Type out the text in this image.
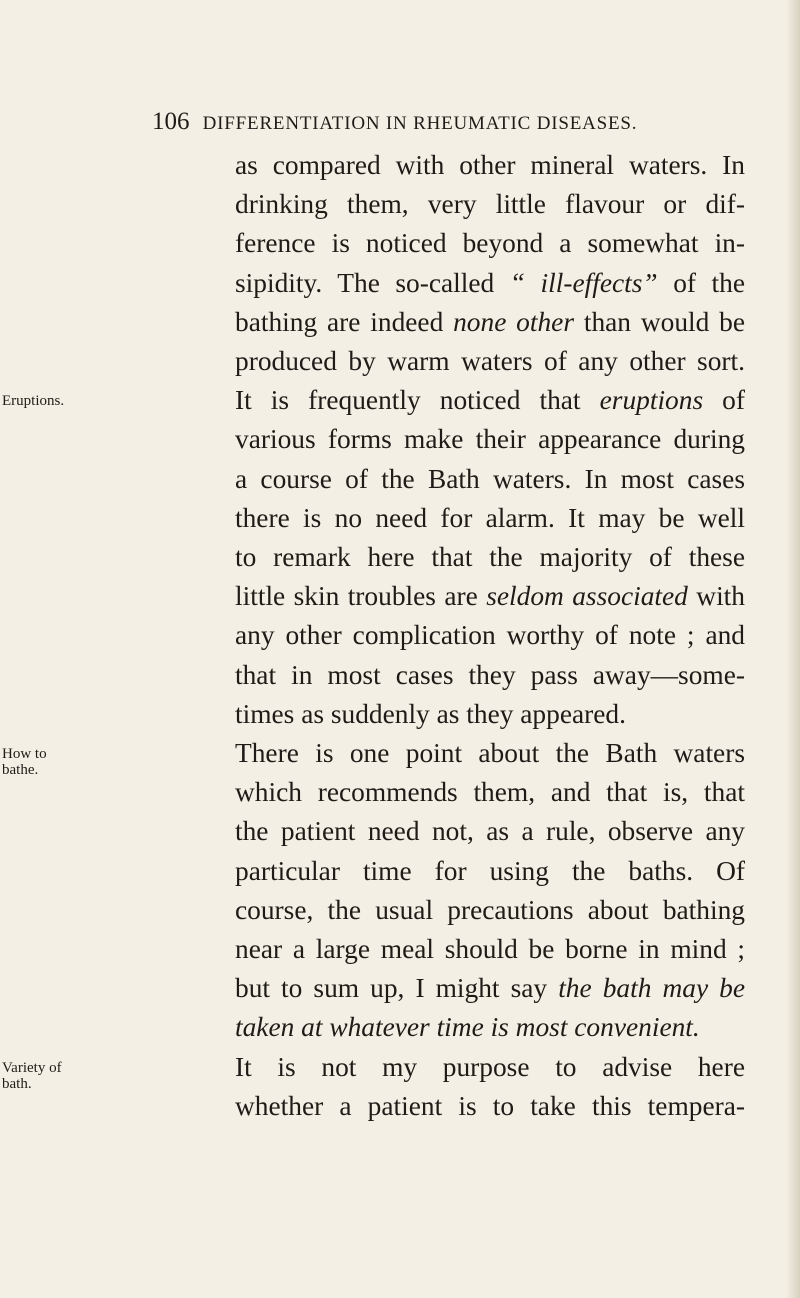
106 DIFFERENTIATION IN RHEUMATIC DISEASES.
Eruptions.
How to
bathe.
Variety of
bath.
as compared with other mineral waters. In
drinking them, very little flavour or dif-
ference is noticed beyond a somewhat in-
sipidity. The so-called “ ill-effects” of the
bathing are indeed none other than would be
produced by warm waters of any other sort.
It is frequently noticed that eruptions of
various forms make their appearance during
a course of the Bath waters. In most cases
there is no need for alarm. It may be well
to remark here that the majority of these
little skin troubles are seldom associated with
any other complication worthy of note ; and
that in most cases they pass away—some-
times as suddenly as they appeared.
There is one point about the Bath waters
which recommends them, and that is, that
the patient need not, as a rule, observe any
particular time for using the baths. Of
course, the usual precautions about bathing
near a large meal should be borne in mind ;
but to sum up, I might say the bath may be
taken at whatever time is most convenient.
It is not my purpose to advise here
whether a patient is to take this tempera-
